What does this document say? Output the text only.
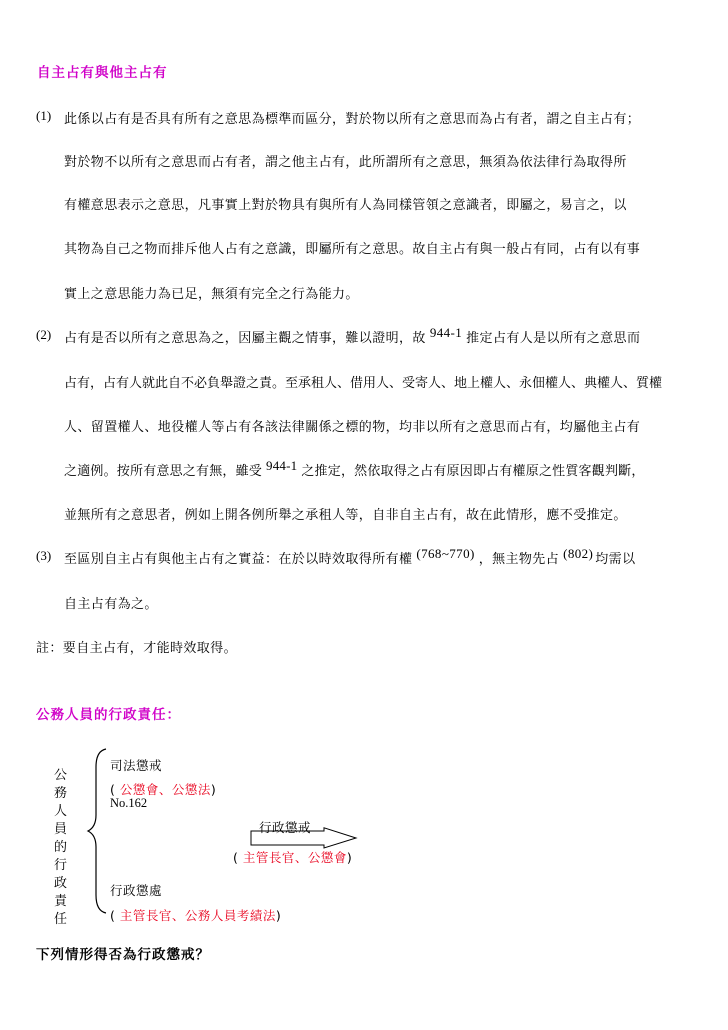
自主占有與他主占有
(1) 此係以占有是否具有所有之意思為標準而區分，對於物以所有之意思而為占有者，謂之自主占有；
對於物不以所有之意思而占有者，謂之他主占有，此所謂所有之意思，無須為依法律行為取得所
有權意思表示之意思，凡事實上對於物具有與所有人為同樣管領之意識者，即屬之，易言之，以
其物為自己之物而排斥他人占有之意識，即屬所有之意思。故自主占有與一般占有同，占有以有事
實上之意思能力為已足，無須有完全之行為能力。
(2) 占有是否以所有之意思為之，因屬主觀之情事，難以證明，故 944-1 推定占有人是以所有之意思而
占有，占有人就此自不必負舉證之責。至承租人、借用人、受寄人、地上權人、永佃權人、典權人、質權
人、留置權人、地役權人等占有各該法律關係之標的物，均非以所有之意思而占有，均屬他主占有
之適例。按所有意思之有無，雖受 944-1 之推定，然依取得之占有原因即占有權原之性質客觀判斷，
並無所有之意思者，例如上開各例所舉之承租人等，自非自主占有，故在此情形，應不受推定。
(3) 至區別自主占有與他主占有之實益：在於以時效取得所有權 (768~770) ，無主物先占 (802) 均需以
自主占有為之。
註：要自主占有，才能時效取得。
公務人員的行政責任：
公務人員的行政責任
司法懲戒
( 公懲會、公懲法)
No.162
行政懲戒
( 主管長官、公懲會)
行政懲處
( 主管長官、公務人員考績法)
下列情形得否為行政懲戒？
